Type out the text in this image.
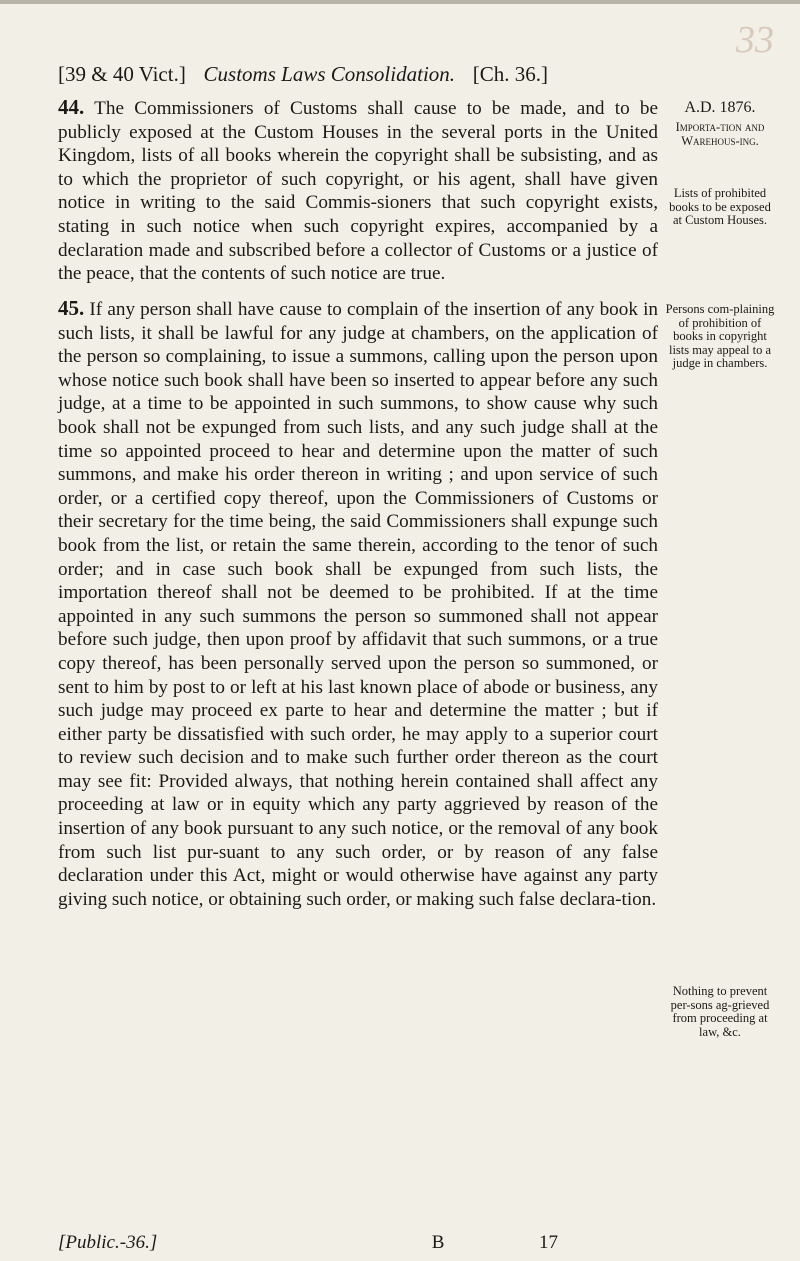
33
[39 & 40 Vict.] Customs Laws Consolidation. [Ch. 36.]
A.D. 1876.
Importa-tion and Warehous-ing.
Lists of prohibited books to be exposed at Custom Houses.
Persons com-plaining of prohibition of books in copyright lists may appeal to a judge in chambers.
Nothing to prevent per-sons ag-grieved from proceeding at law, &c.
44. The Commissioners of Customs shall cause to be made, and to be publicly exposed at the Custom Houses in the several ports in the United Kingdom, lists of all books wherein the copyright shall be subsisting, and as to which the proprietor of such copyright, or his agent, shall have given notice in writing to the said Commis-sioners that such copyright exists, stating in such notice when such copyright expires, accompanied by a declaration made and subscribed before a collector of Customs or a justice of the peace, that the contents of such notice are true.
45. If any person shall have cause to complain of the insertion of any book in such lists, it shall be lawful for any judge at chambers, on the application of the person so complaining, to issue a summons, calling upon the person upon whose notice such book shall have been so inserted to appear before any such judge, at a time to be appointed in such summons, to show cause why such book shall not be expunged from such lists, and any such judge shall at the time so appointed proceed to hear and determine upon the matter of such summons, and make his order thereon in writing ; and upon service of such order, or a certified copy thereof, upon the Commissioners of Customs or their secretary for the time being, the said Commissioners shall expunge such book from the list, or retain the same therein, according to the tenor of such order; and in case such book shall be expunged from such lists, the importation thereof shall not be deemed to be prohibited. If at the time appointed in any such summons the person so summoned shall not appear before such judge, then upon proof by affidavit that such summons, or a true copy thereof, has been personally served upon the person so summoned, or sent to him by post to or left at his last known place of abode or business, any such judge may proceed ex parte to hear and determine the matter ; but if either party be dissatisfied with such order, he may apply to a superior court to review such decision and to make such further order thereon as the court may see fit: Provided always, that nothing herein contained shall affect any proceeding at law or in equity which any party aggrieved by reason of the insertion of any book pursuant to any such notice, or the removal of any book from such list pur-suant to any such order, or by reason of any false declaration under this Act, might or would otherwise have against any party giving such notice, or obtaining such order, or making such false declara-tion.
[Public.-36.]	B	17
